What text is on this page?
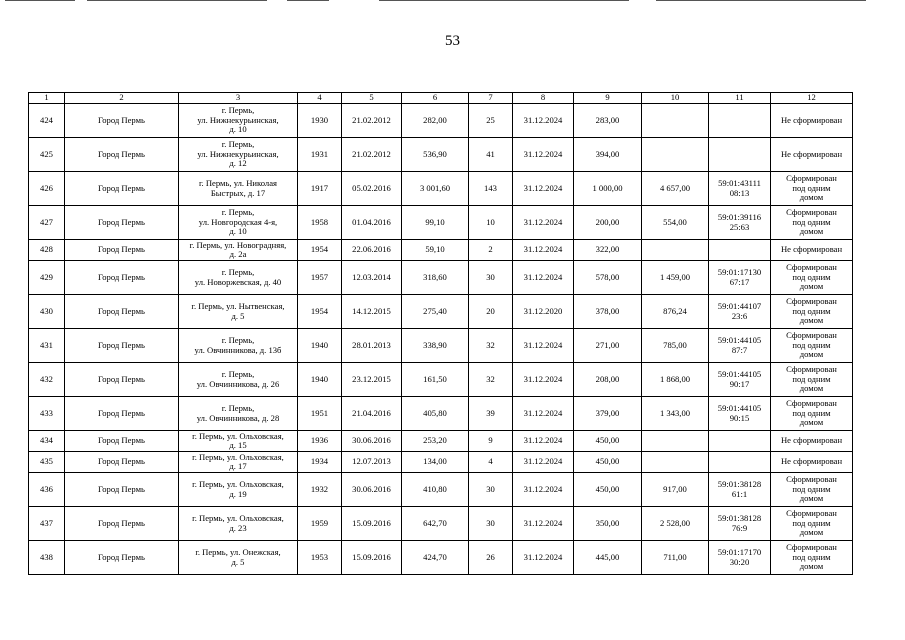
53
1	2	3	4	5	6	7	8	9	10	11	12
424	Город Пермь	г. Пермь,
ул. Нижнекурьинская,
д. 10	1930	21.02.2012	282,00	25	31.12.2024	283,00			Не сформирован
425	Город Пермь	г. Пермь,
ул. Нижнекурьинская,
д. 12	1931	21.02.2012	536,90	41	31.12.2024	394,00			Не сформирован
426	Город Пермь	г. Пермь, ул. Николая
Быстрых, д. 17	1917	05.02.2016	3 001,60	143	31.12.2024	1 000,00	4 657,00	59:01:43111
08:13	Сформирован
под одним
домом
427	Город Пермь	г. Пермь,
ул. Новгородская 4-я,
д. 10	1958	01.04.2016	99,10	10	31.12.2024	200,00	554,00	59:01:39116
25:63	Сформирован
под одним
домом
428	Город Пермь	г. Пермь, ул. Новоградняя,
д. 2а	1954	22.06.2016	59,10	2	31.12.2024	322,00			Не сформирован
429	Город Пермь	г. Пермь,
ул. Новоржевская, д. 40	1957	12.03.2014	318,60	30	31.12.2024	578,00	1 459,00	59:01:17130
67:17	Сформирован
под одним
домом
430	Город Пермь	г. Пермь, ул. Нытвенская,
д. 5	1954	14.12.2015	275,40	20	31.12.2020	378,00	876,24	59:01:44107
23:6	Сформирован
под одним
домом
431	Город Пермь	г. Пермь,
ул. Овчинникова, д. 13б	1940	28.01.2013	338,90	32	31.12.2024	271,00	785,00	59:01:44105
87:7	Сформирован
под одним
домом
432	Город Пермь	г. Пермь,
ул. Овчинникова, д. 26	1940	23.12.2015	161,50	32	31.12.2024	208,00	1 868,00	59:01:44105
90:17	Сформирован
под одним
домом
433	Город Пермь	г. Пермь,
ул. Овчинникова, д. 28	1951	21.04.2016	405,80	39	31.12.2024	379,00	1 343,00	59:01:44105
90:15	Сформирован
под одним
домом
434	Город Пермь	г. Пермь, ул. Ольховская,
д. 15	1936	30.06.2016	253,20	9	31.12.2024	450,00			Не сформирован
435	Город Пермь	г. Пермь, ул. Ольховская,
д. 17	1934	12.07.2013	134,00	4	31.12.2024	450,00			Не сформирован
436	Город Пермь	г. Пермь, ул. Ольховская,
д. 19	1932	30.06.2016	410,80	30	31.12.2024	450,00	917,00	59:01:38128
61:1	Сформирован
под одним
домом
437	Город Пермь	г. Пермь, ул. Ольховская,
д. 23	1959	15.09.2016	642,70	30	31.12.2024	350,00	2 528,00	59:01:38128
76:9	Сформирован
под одним
домом
438	Город Пермь	г. Пермь, ул. Онежская,
д. 5	1953	15.09.2016	424,70	26	31.12.2024	445,00	711,00	59:01:17170
30:20	Сформирован
под одним
домом
